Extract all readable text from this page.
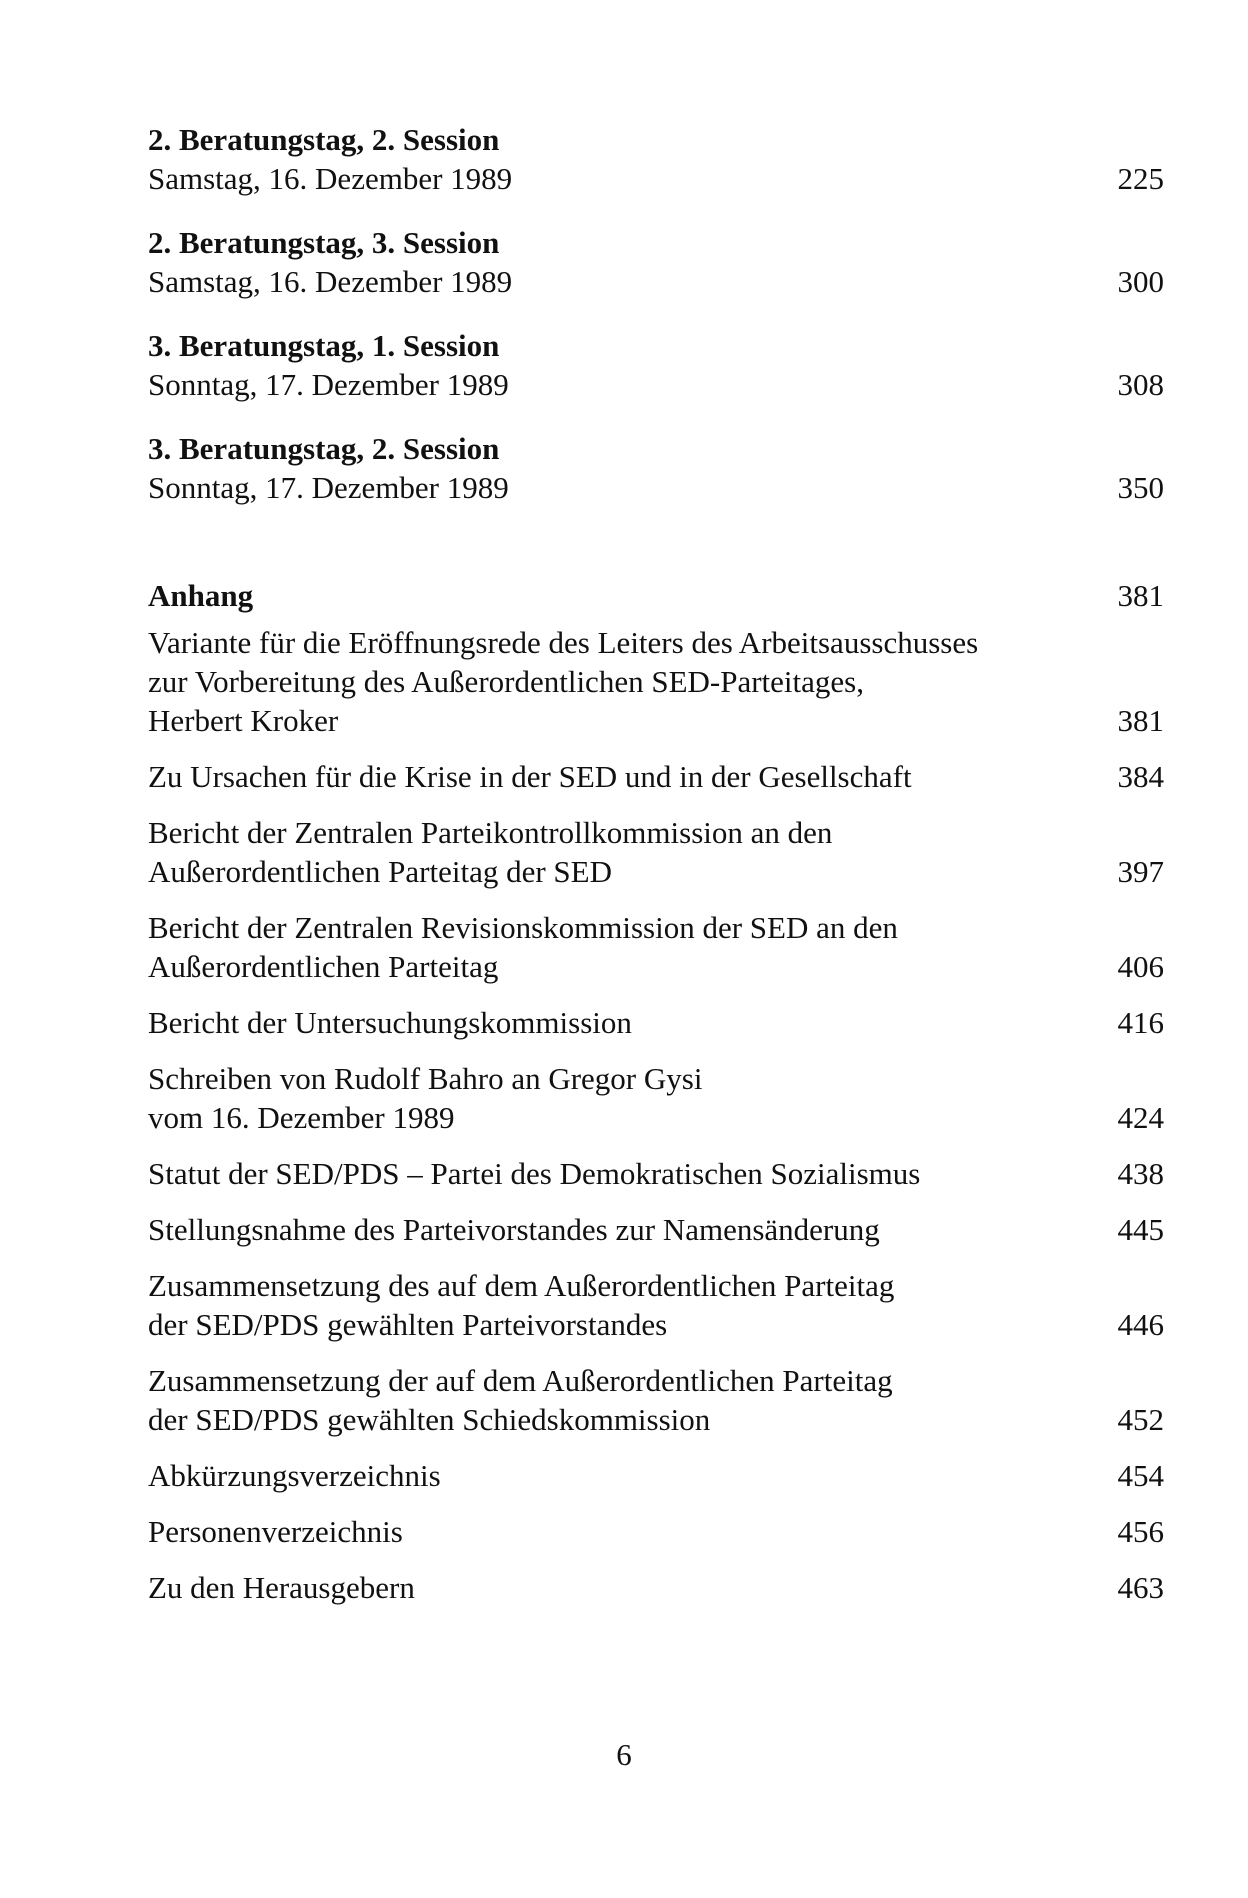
2. Beratungstag, 2. Session
Samstag, 16. Dezember 1989	225
2. Beratungstag, 3. Session
Samstag, 16. Dezember 1989	300
3. Beratungstag, 1. Session
Sonntag, 17. Dezember 1989	308
3. Beratungstag, 2. Session
Sonntag, 17. Dezember 1989	350
Anhang	381
Variante für die Eröffnungsrede des Leiters des Arbeitsausschusses
zur Vorbereitung des Außerordentlichen SED-Parteitages,
Herbert Kroker	381
Zu Ursachen für die Krise in der SED und in der Gesellschaft	384
Bericht der Zentralen Parteikontrollkommission an den
Außerordentlichen Parteitag der SED	397
Bericht der Zentralen Revisionskommission der SED an den
Außerordentlichen Parteitag	406
Bericht der Untersuchungskommission	416
Schreiben von Rudolf Bahro an Gregor Gysi
vom 16. Dezember 1989	424
Statut der SED/PDS – Partei des Demokratischen Sozialismus	438
Stellungsnahme des Parteivorstandes zur Namensänderung	445
Zusammensetzung des auf dem Außerordentlichen Parteitag
der SED/PDS gewählten Parteivorstandes	446
Zusammensetzung der auf dem Außerordentlichen Parteitag
der SED/PDS gewählten Schiedskommission	452
Abkürzungsverzeichnis	454
Personenverzeichnis	456
Zu den Herausgebern	463
6
